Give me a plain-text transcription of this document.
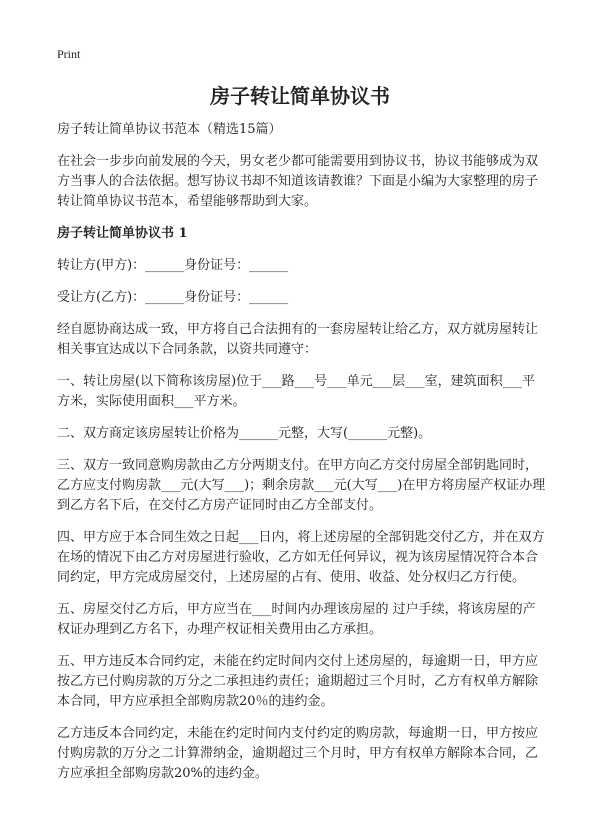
Print
房子转让简单协议书

房子转让简单协议书范本（精选15篇）

在社会一步步向前发展的今天，男女老少都可能需要用到协议书，协议书能够成为双方当事人的合法依据。想写协议书却不知道该请教谁？下面是小编为大家整理的房子转让简单协议书范本，希望能够帮助到大家。

房子转让简单协议书 1

转让方(甲方)：______身份证号：______

受让方(乙方)：______身份证号：______

经自愿协商达成一致，甲方将自己合法拥有的一套房屋转让给乙方，双方就房屋转让相关事宜达成以下合同条款，以资共同遵守：

一、转让房屋(以下简称该房屋)位于___路___号___单元___层___室，建筑面积___平方米，实际使用面积___平方米。

二、双方商定该房屋转让价格为______元整，大写(______元整)。

三、双方一致同意购房款由乙方分两期支付。在甲方向乙方交付房屋全部钥匙同时，乙方应支付购房款___元(大写___)；剩余房款___元(大写___)在甲方将房屋产权证办理到乙方名下后，在交付乙方房产证同时由乙方全部支付。

四、甲方应于本合同生效之日起___日内，将上述房屋的全部钥匙交付乙方，并在双方在场的情况下由乙方对房屋进行验收，乙方如无任何异议，视为该房屋情况符合本合同约定，甲方完成房屋交付，上述房屋的占有、使用、收益、处分权归乙方行使。

五、房屋交付乙方后，甲方应当在___时间内办理该房屋的 过户手续，将该房屋的产权证办理到乙方名下，办理产权证相关费用由乙方承担。

五、甲方违反本合同约定，未能在约定时间内交付上述房屋的，每逾期一日，甲方应按乙方已付购房款的万分之二承担违约责任；逾期超过三个月时，乙方有权单方解除本合同，甲方应承担全部购房款20％的违约金。

乙方违反本合同约定，未能在约定时间内支付约定的购房款，每逾期一日，甲方按应付购房款的万分之二计算滞纳金，逾期超过三个月时，甲方有权单方解除本合同，乙方应承担全部购房款20%的违约金。
